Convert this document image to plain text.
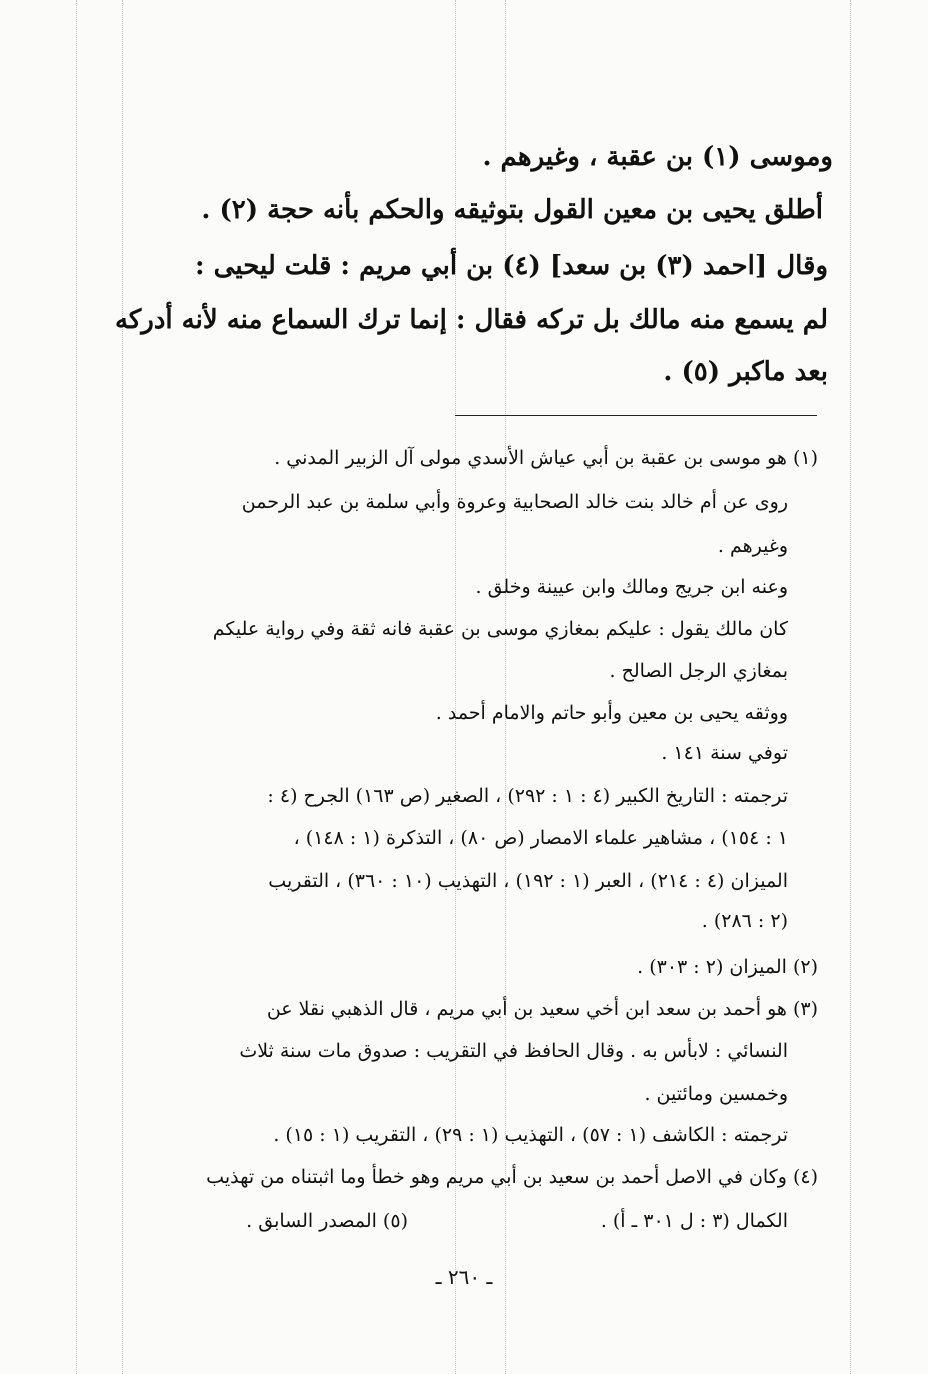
وموسى (١) بن عقبة ، وغيرهم .
أطلق يحيى بن معين القول بتوثيقه والحكم بأنه حجة (٢) .
وقال [احمد (٣) بن سعد] (٤) بن أبي مريم : قلت ليحيى :
لم يسمع منه مالك بل تركه فقال : إنما ترك السماع منه لأنه أدركه
بعد ماكبر (٥) .
(١) هو موسى بن عقبة بن أبي عياش الأسدي مولى آل الزبير المدني .
روى عن أم خالد بنت خالد الصحابية وعروة وأبي سلمة بن عبد الرحمن
وغيرهم .
وعنه ابن جريج ومالك وابن عيينة وخلق .
كان مالك يقول : عليكم بمغازي موسى بن عقبة فانه ثقة وفي رواية عليكم
بمغازي الرجل الصالح .
ووثقه يحيى بن معين وأبو حاتم والامام أحمد .
توفي سنة ١٤١ .
ترجمته : التاريخ الكبير (٤ : ١ : ٢٩٢) ، الصغير (ص ١٦٣) الجرح (٤ :
١ : ١٥٤) ، مشاهير علماء الامصار (ص ٨٠) ، التذكرة (١ : ١٤٨) ،
الميزان (٤ : ٢١٤) ، العبر (١ : ١٩٢) ، التهذيب (١٠ : ٣٦٠) ، التقريب
(٢ : ٢٨٦) .
(٢) الميزان (٢ : ٣٠٣) .
(٣) هو أحمد بن سعد ابن أخي سعيد بن أبي مريم ، قال الذهبي نقلا عن
النسائي : لابأس به . وقال الحافظ في التقريب : صدوق مات سنة ثلاث
وخمسين ومائتين .
ترجمته : الكاشف (١ : ٥٧) ، التهذيب (١ : ٢٩) ، التقريب (١ : ١٥) .
(٤) وكان في الاصل أحمد بن سعيد بن أبي مريم وهو خطأ وما اثبتناه من تهذيب
الكمال (٣ : ل ٣٠١ ـ أ) .
(٥) المصدر السابق .
ـ ٢٦٠ ـ
